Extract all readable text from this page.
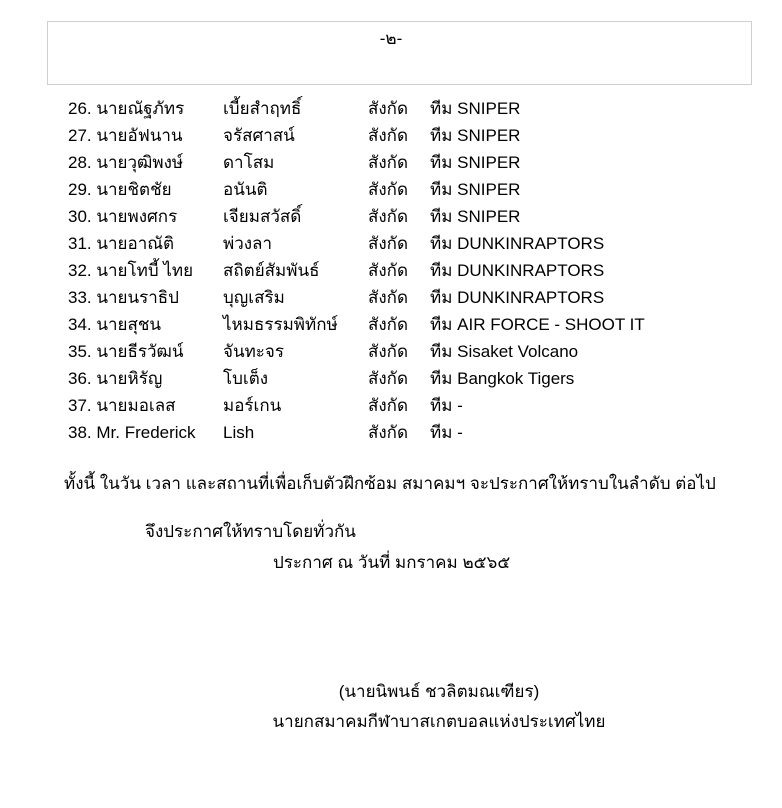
-๒-
26. นายณัฐภัทร	เบี้ยสำฤทธิ์	สังกัด	ทีม SNIPER
27. นายอัฟนาน	จรัสศาสน์	สังกัด	ทีม SNIPER
28. นายวุฒิพงษ์	ดาโสม	สังกัด	ทีม SNIPER
29. นายชิตชัย	อนันติ	สังกัด	ทีม SNIPER
30. นายพงศกร	เจียมสวัสดิ์	สังกัด	ทีม SNIPER
31. นายอาณัติ	พ่วงลา	สังกัด	ทีม DUNKINRAPTORS
32. นายโทบี้ ไทย	สถิตย์สัมพันธ์	สังกัด	ทีม DUNKINRAPTORS
33. นายนราธิป	บุญเสริม	สังกัด	ทีม DUNKINRAPTORS
34. นายสุชน	ไหมธรรมพิทักษ์	สังกัด	ทีม AIR FORCE - SHOOT IT
35. นายธีรวัฒน์	จันทะจร	สังกัด	ทีม Sisaket Volcano
36. นายหิรัญ	โบเต็ง	สังกัด	ทีม Bangkok Tigers
37. นายมอเลส	มอร์เกน	สังกัด	ทีม -
38. Mr. Frederick	Lish	สังกัด	ทีม -
ทั้งนี้ ในวัน เวลา และสถานที่เพื่อเก็บตัวฝึกซ้อม สมาคมฯ จะประกาศให้ทราบในลำดับ ต่อไป
จึงประกาศให้ทราบโดยทั่วกัน
ประกาศ ณ วันที่ มกราคม ๒๕๖๕
(นายนิพนธ์ ชวลิตมณเฑียร)
นายกสมาคมกีฬาบาสเกตบอลแห่งประเทศไทย
